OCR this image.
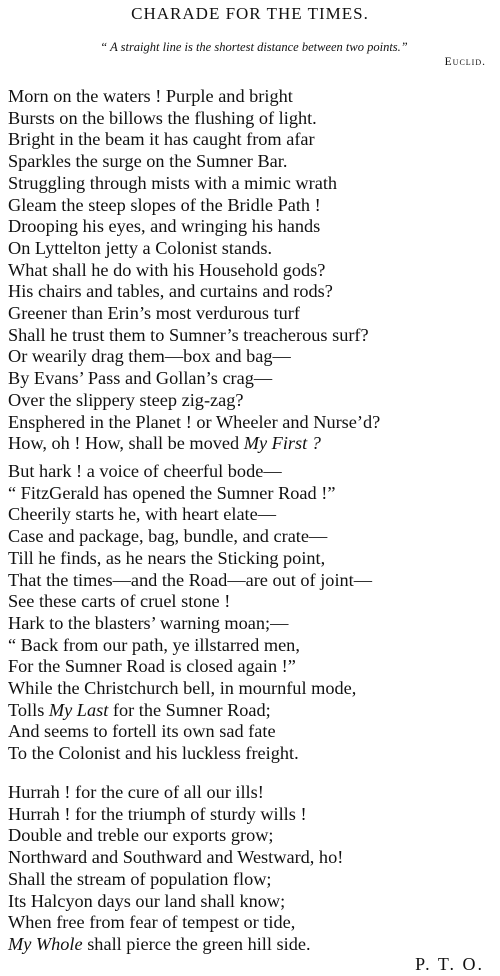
CHARADE FOR THE TIMES.
“ A straight line is the shortest distance between two points.”
Euclid.
Morn on the waters ! Purple and bright
Bursts on the billows the flushing of light.
Bright in the beam it has caught from afar
Sparkles the surge on the Sumner Bar.
Struggling through mists with a mimic wrath
Gleam the steep slopes of the Bridle Path !
Drooping his eyes, and wringing his hands
On Lyttelton jetty a Colonist stands.
What shall he do with his Household gods?
His chairs and tables, and curtains and rods?
Greener than Erin’s most verdurous turf
Shall he trust them to Sumner’s treacherous surf?
Or wearily drag them—box and bag—
By Evans’ Pass and Gollan’s crag—
Over the slippery steep zig-zag?
Ensphered in the Planet ! or Wheeler and Nurse’d?
How, oh ! How, shall be moved My First ?
But hark ! a voice of cheerful bode—
“ FitzGerald has opened the Sumner Road !”
Cheerily starts he, with heart elate—
Case and package, bag, bundle, and crate—
Till he finds, as he nears the Sticking point,
That the times—and the Road—are out of joint—
See these carts of cruel stone !
Hark to the blasters’ warning moan;—
“ Back from our path, ye illstarred men,
For the Sumner Road is closed again !”
While the Christchurch bell, in mournful mode,
Tolls My Last for the Sumner Road;
And seems to fortell its own sad fate
To the Colonist and his luckless freight.
Hurrah ! for the cure of all our ills!
Hurrah ! for the triumph of sturdy wills !
Double and treble our exports grow;
Northward and Southward and Westward, ho!
Shall the stream of population flow;
Its Halcyon days our land shall know;
When free from fear of tempest or tide,
My Whole shall pierce the green hill side.
P. T. O.
